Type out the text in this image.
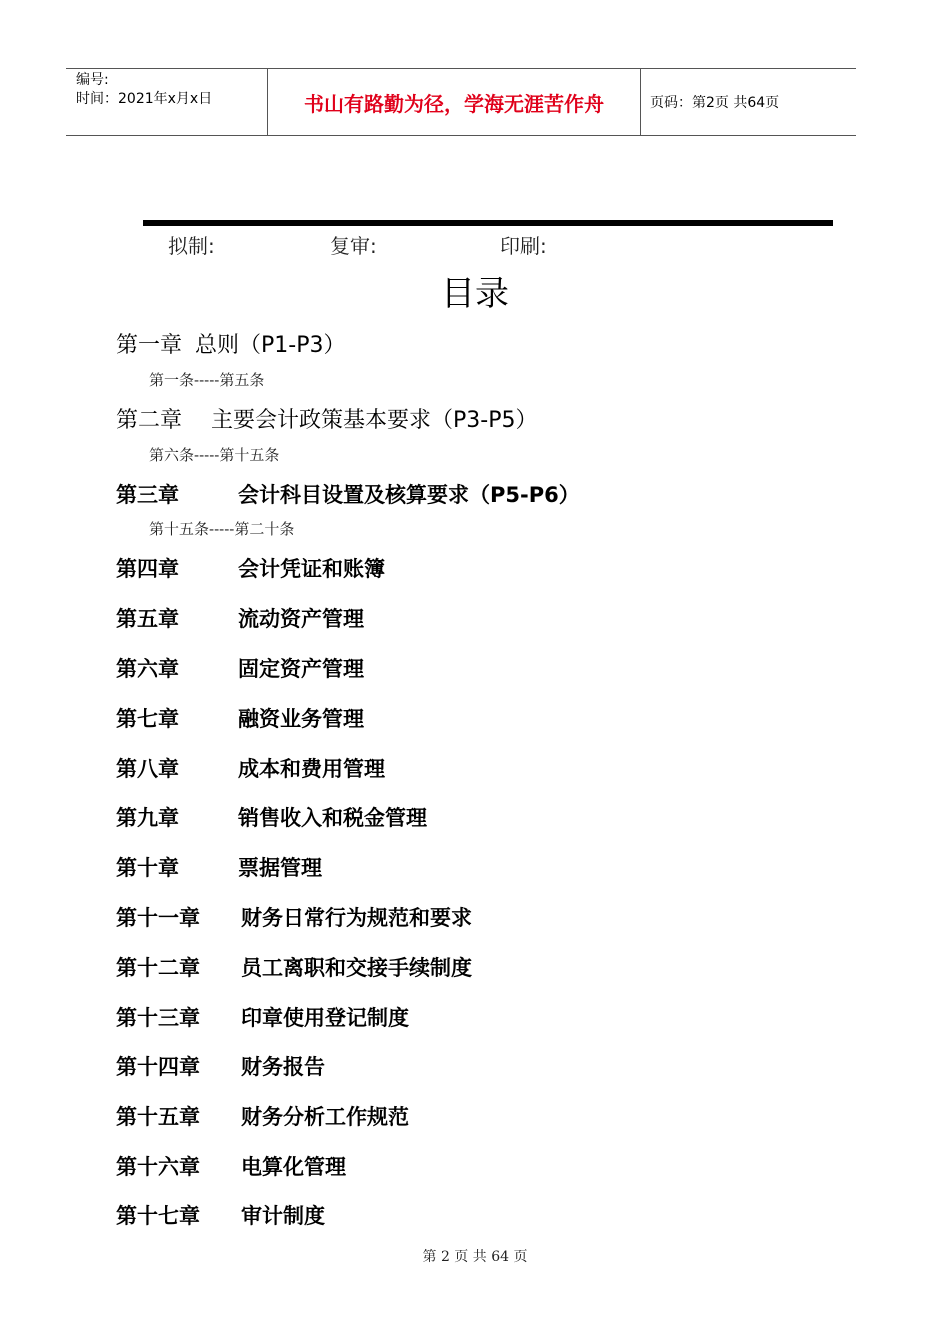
编号:
时间：2021年x月x日	书山有路勤为径，学海无涯苦作舟	页码：第2页 共64页
拟制:	复审:	印刷:
目录
第一章 总则（P1-P3）
第一条-----第五条
第二章 主要会计政策基本要求（P3-P5）
第六条-----第十五条
第三章	会计科目设置及核算要求（P5-P6）
第十五条-----第二十条
第四章	会计凭证和账簿
第五章	流动资产管理
第六章	固定资产管理
第七章	融资业务管理
第八章	成本和费用管理
第九章	销售收入和税金管理
第十章	票据管理
第十一章 财务日常行为规范和要求
第十二章 员工离职和交接手续制度
第十三章 印章使用登记制度
第十四章 财务报告
第十五章 财务分析工作规范
第十六章 电算化管理
第十七章 审计制度
第 2 页 共 64 页
